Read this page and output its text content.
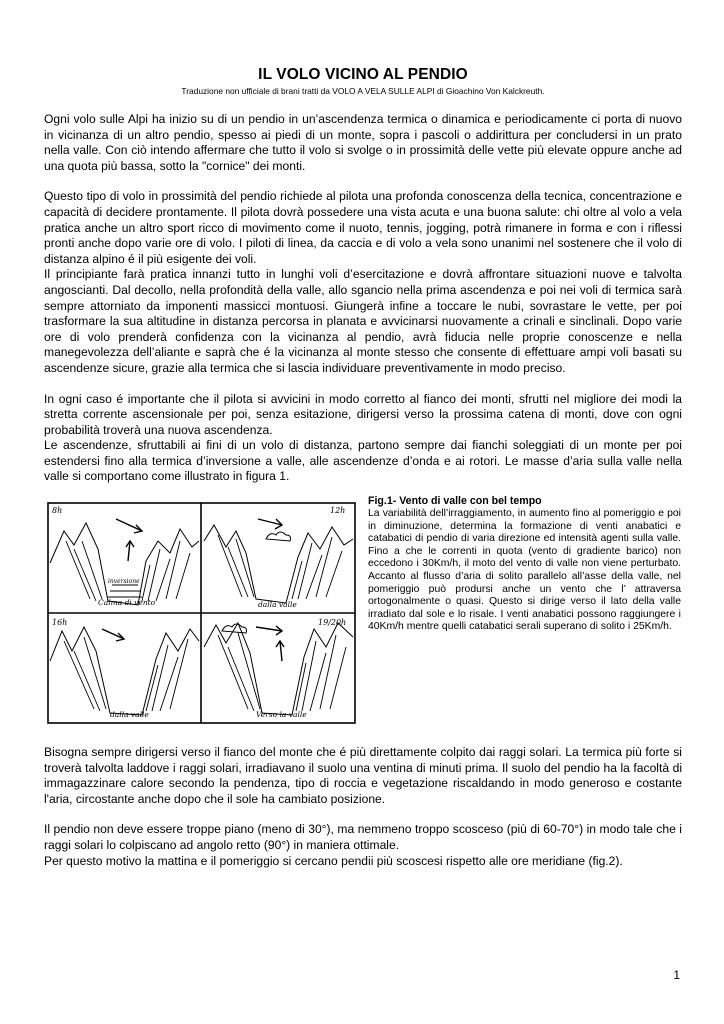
IL VOLO VICINO AL PENDIO

Traduzione non ufficiale di brani tratti da VOLO A VELA SULLE ALPI di Gioachino Von Kalckreuth.

Ogni volo sulle Alpi ha inizio su di un pendio in un’ascendenza termica o dinamica e periodicamente ci porta di nuovo in vicinanza di un altro pendio, spesso ai piedi di un monte, sopra i pascoli o addirittura per concludersi in un prato nella valle. Con ciò intendo affermare che tutto il volo si svolge o in prossimità delle vette più elevate oppure anche ad una quota più bassa, sotto la "cornice" dei monti.

Questo tipo di volo in prossimità del pendio richiede al pilota una profonda conoscenza della tecnica, concentrazione e capacità di decidere prontamente. Il pilota dovrà possedere una vista acuta e una buona salute: chi oltre al volo a vela pratica anche un altro sport ricco di movimento come il nuoto, tennis, jogging, potrà rimanere in forma e con i riflessi pronti anche dopo varie ore di volo. I piloti di linea, da caccia e di volo a vela sono unanimi nel sostenere che il volo di distanza alpino é il più esigente dei voli.

Il principiante farà pratica innanzi tutto in lunghi voli d’esercitazione e dovrà affrontare situazioni nuove e talvolta angoscianti. Dal decollo, nella profondità della valle, allo sgancio nella prima ascendenza e poi nei voli di termica sarà sempre attorniato da imponenti massicci montuosi. Giungerà infine a toccare le nubi, sovrastare le vette, per poi trasformare la sua altitudine in distanza percorsa in planata e avvicinarsi nuovamente a crinali e sinclinali. Dopo varie ore di volo prenderà confidenza con la vicinanza al pendio, avrà fiducia nelle proprie conoscenze e nella manegevolezza dell’aliante e saprà che é la vicinanza al monte stesso che consente di effettuare ampi voli basati su ascendenze sicure, grazie alla termica che si lascia individuare preventivamente in modo preciso.

In ogni caso é importante che il pilota si avvicini in modo corretto al fianco dei monti, sfrutti nel migliore dei modi la stretta corrente ascensionale per poi, senza esitazione, dirigersi verso la prossima catena di monti, dove con ogni probabilità troverà una nuova ascendenza.

Le ascendenze, sfruttabili ai fini di un volo di distanza, partono sempre dai fianchi soleggiati di un monte per poi estendersi fino alla termica d’inversione a valle, alle ascendenze d’onda e ai rotori. Le masse d’aria sulla valle nella valle si comportano come illustrato in figura 1.

8h	12h
16h	19/20h
inversione
Calma di vento	dalla valle
dalla valle	Verso la valle

Fig.1- Vento di valle con bel tempo

La variabilità dell’irraggiamento, in aumento fino al pomeriggio e poi in diminuzione, determina la formazione di venti anabatici e catabatici di pendio di varia direzione ed intensità agenti sulla valle. Fino a che le correnti in quota (vento di gradiente barico) non eccedono i 30Km/h, il moto del vento di valle non viene perturbato. Accanto al flusso d’aria di solito parallelo all’asse della valle, nel pomeriggio può prodursi anche un vento che l’ attraversa ortogonalmente o quasi. Questo si dirige verso il lato della valle irradiato dal sole e lo risale. I venti anabatici possono raggiungere i 40Km/h mentre quelli catabatici serali superano di solito i 25Km/h.

Bisogna sempre dirigersi verso il fianco del monte che é più direttamente colpito dai raggi solari. La termica più forte si troverà talvolta laddove i raggi solari, irradiavano il suolo una ventina di minuti prima. Il suolo del pendio ha la facoltà di immagazzinare calore secondo la pendenza, tipo di roccia e vegetazione riscaldando in modo generoso e costante l'aria, circostante anche dopo che il sole ha cambiato posizione.

Il pendio non deve essere troppe piano (meno di 30°), ma nemmeno troppo scosceso (più di 60-70°) in modo tale che i raggi solari lo colpiscano ad angolo retto (90°) in maniera ottimale.

Per questo motivo la mattina e il pomeriggio si cercano pendii più scoscesi rispetto alle ore meridiane (fig.2).

1
